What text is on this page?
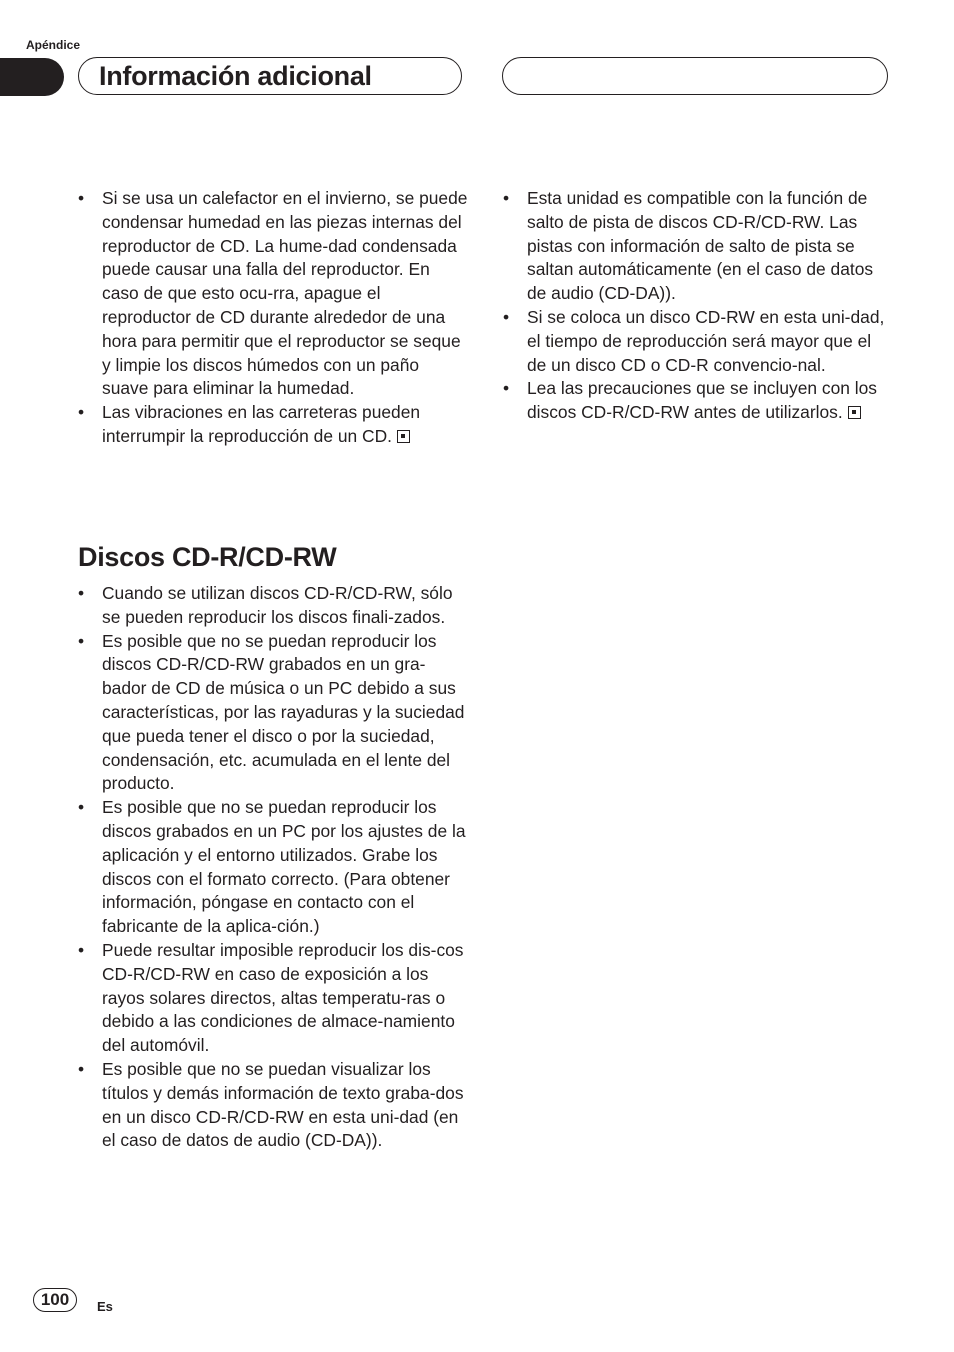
Apéndice
Información adicional
• Si se usa un calefactor en el invierno, se puede condensar humedad en las piezas internas del reproductor de CD. La hume-dad condensada puede causar una falla del reproductor. En caso de que esto ocu-rra, apague el reproductor de CD durante alrededor de una hora para permitir que el reproductor se seque y limpie los discos húmedos con un paño suave para eliminar la humedad.
• Las vibraciones en las carreteras pueden interrumpir la reproducción de un CD.
Discos CD-R/CD-RW
• Cuando se utilizan discos CD-R/CD-RW, sólo se pueden reproducir los discos finali-zados.
• Es posible que no se puedan reproducir los discos CD-R/CD-RW grabados en un gra-bador de CD de música o un PC debido a sus características, por las rayaduras y la suciedad que pueda tener el disco o por la suciedad, condensación, etc. acumulada en el lente del producto.
• Es posible que no se puedan reproducir los discos grabados en un PC por los ajustes de la aplicación y el entorno utilizados. Grabe los discos con el formato correcto. (Para obtener información, póngase en contacto con el fabricante de la aplica-ción.)
• Puede resultar imposible reproducir los dis-cos CD-R/CD-RW en caso de exposición a los rayos solares directos, altas temperatu-ras o debido a las condiciones de almace-namiento del automóvil.
• Es posible que no se puedan visualizar los títulos y demás información de texto graba-dos en un disco CD-R/CD-RW en esta uni-dad (en el caso de datos de audio (CD-DA)).
• Esta unidad es compatible con la función de salto de pista de discos CD-R/CD-RW. Las pistas con información de salto de pista se saltan automáticamente (en el caso de datos de audio (CD-DA)).
• Si se coloca un disco CD-RW en esta uni-dad, el tiempo de reproducción será mayor que el de un disco CD o CD-R convencio-nal.
• Lea las precauciones que se incluyen con los discos CD-R/CD-RW antes de utilizarlos.
100	Es
